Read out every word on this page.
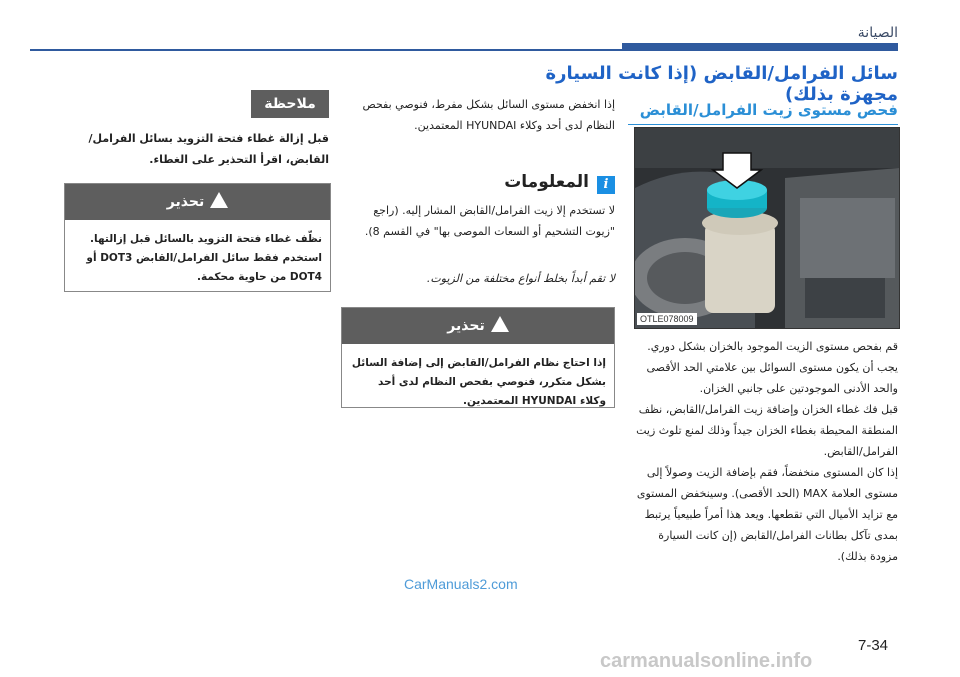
الصيانة
سائل الفرامل/القابض (إذا كانت السيارة مجهزة بذلك)
فحص مستوى زيت الفرامل/القابض
OTLE078009
قم بفحص مستوى الزيت الموجود بالخزان بشكل دوري. يجب أن يكون مستوى السوائل بين علامتي الحد الأقصى والحد الأدنى الموجودتين على جانبي الخزان.
قبل فك غطاء الخزان وإضافة زيت الفرامل/القابض، نظف المنطقة المحيطة بغطاء الخزان جيداً وذلك لمنع تلوث زيت الفرامل/القابض.
إذا كان المستوى منخفضاً، فقم بإضافة الزيت وصولاً إلى مستوى العلامة MAX (الحد الأقصى). وسينخفض المستوى مع تزايد الأميال التي تقطعها. ويعد هذا أمراً طبيعياً يرتبط بمدى تآكل بطانات الفرامل/القابض (إن كانت السيارة مزودة بذلك).
إذا انخفض مستوى السائل بشكل مفرط، فنوصي بفحص النظام لدى أحد وكلاء HYUNDAI المعتمدين.
i
المعلومات
لا تستخدم إلا زيت الفرامل/القابض المشار إليه. (راجع "زيوت التشحيم أو السعات الموصى بها" في القسم 8).
لا تقم أبداً بخلط أنواع مختلفة من الزيوت.
تحذير
إذا احتاج نظام الفرامل/القابض إلى إضافة السائل بشكل متكرر، فنوصي بفحص النظام لدى أحد وكلاء HYUNDAI المعتمدين.
ملاحظة
قبل إزالة غطاء فتحة التزويد بسائل الفرامل/القابض، اقرأ التحذير على الغطاء.
تحذير
نظّف غطاء فتحة التزويد بالسائل قبل إزالتها. استخدم فقط سائل الفرامل/القابض DOT3 أو DOT4 من حاوية محكمة.
7-34
CarManuals2.com
carmanualsonline.info
